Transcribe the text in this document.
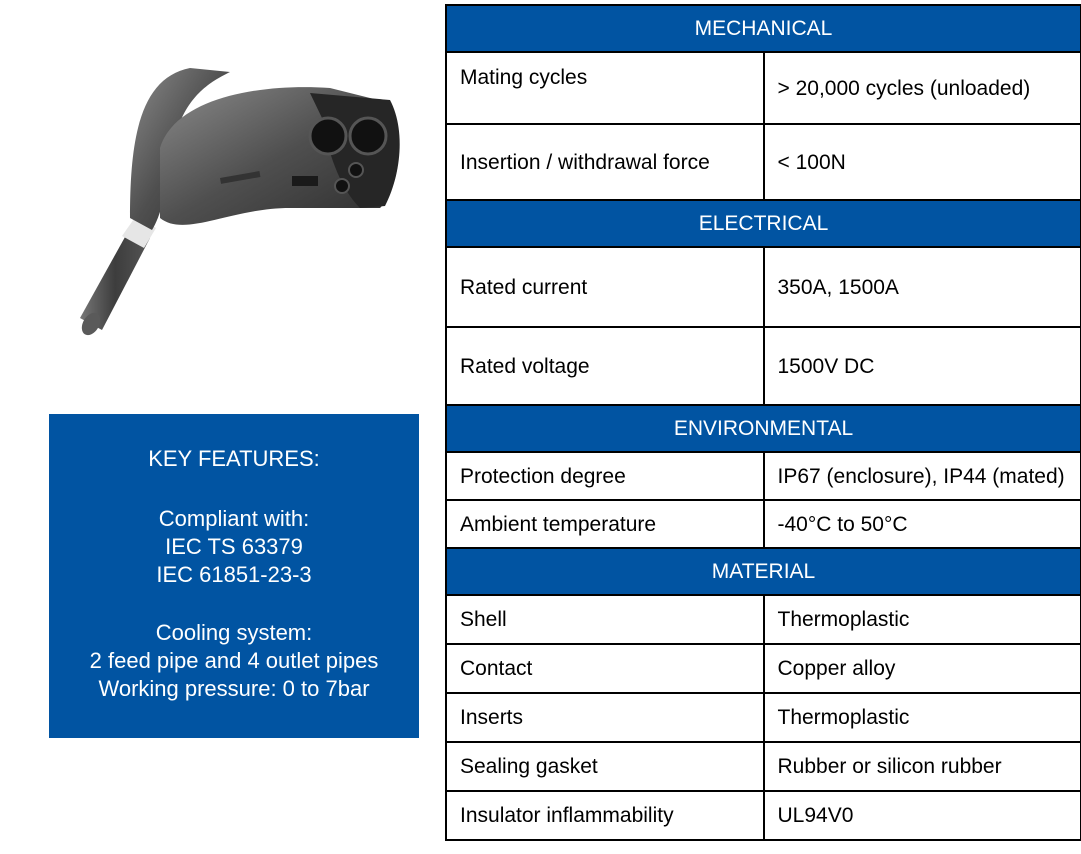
KEY FEATURES:
Compliant with:
IEC TS 63379
IEC 61851-23-3
Cooling system:
2 feed pipe and 4 outlet pipes
Working pressure: 0 to 7bar
MECHANICAL	
Mating cycles	> 20,000 cycles (unloaded)
Insertion / withdrawal force	< 100N
ELECTRICAL	
Rated current	350A, 1500A
Rated voltage	1500V DC
ENVIRONMENTAL	
Protection degree	IP67 (enclosure), IP44 (mated)
Ambient temperature	-40°C to 50°C
MATERIAL	
Shell	Thermoplastic
Contact	Copper alloy
Inserts	Thermoplastic
Sealing gasket	Rubber or silicon rubber
Insulator inflammability	UL94V0
